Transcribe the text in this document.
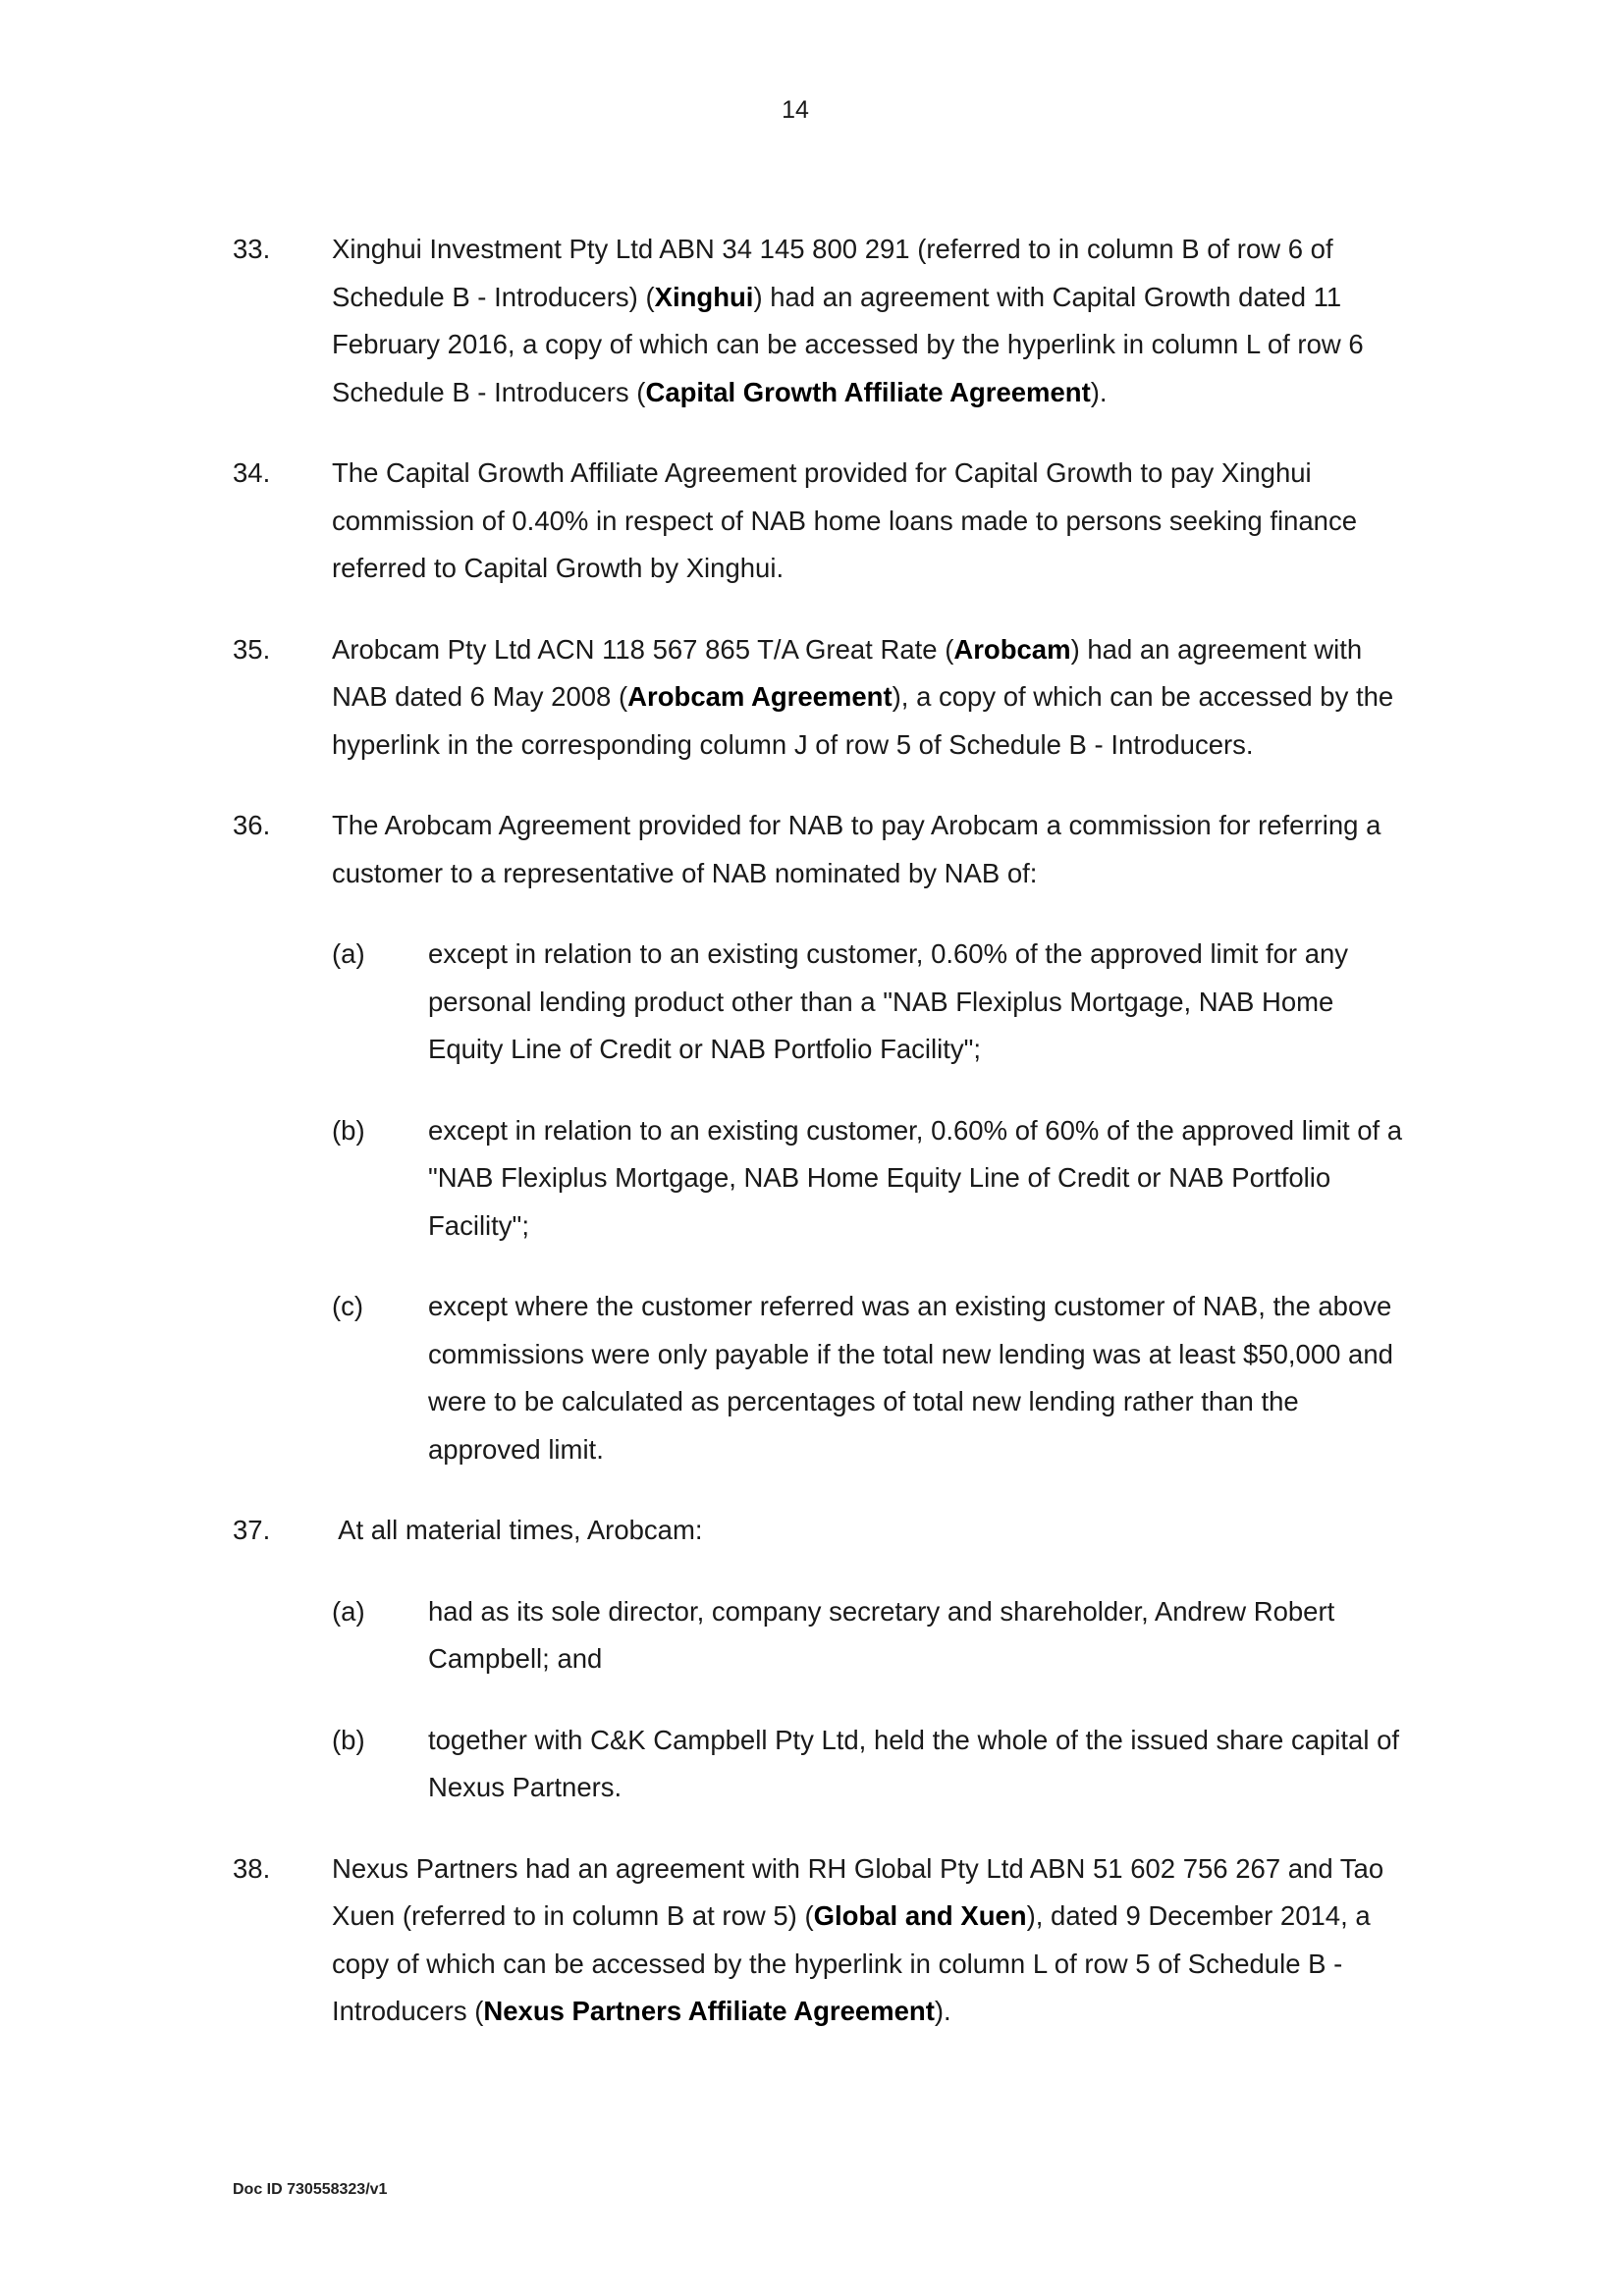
14
33. Xinghui Investment Pty Ltd ABN 34 145 800 291 (referred to in column B of row 6 of Schedule B - Introducers) (Xinghui) had an agreement with Capital Growth dated 11 February 2016, a copy of which can be accessed by the hyperlink in column L of row 6 Schedule B - Introducers (Capital Growth Affiliate Agreement).
34. The Capital Growth Affiliate Agreement provided for Capital Growth to pay Xinghui commission of 0.40% in respect of NAB home loans made to persons seeking finance referred to Capital Growth by Xinghui.
35. Arobcam Pty Ltd ACN 118 567 865 T/A Great Rate (Arobcam) had an agreement with NAB dated 6 May 2008 (Arobcam Agreement), a copy of which can be accessed by the hyperlink in the corresponding column J of row 5 of Schedule B - Introducers.
36. The Arobcam Agreement provided for NAB to pay Arobcam a commission for referring a customer to a representative of NAB nominated by NAB of:
(a) except in relation to an existing customer, 0.60% of the approved limit for any personal lending product other than a "NAB Flexiplus Mortgage, NAB Home Equity Line of Credit or NAB Portfolio Facility";
(b) except in relation to an existing customer, 0.60% of 60% of the approved limit of a "NAB Flexiplus Mortgage, NAB Home Equity Line of Credit or NAB Portfolio Facility";
(c) except where the customer referred was an existing customer of NAB, the above commissions were only payable if the total new lending was at least $50,000 and were to be calculated as percentages of total new lending rather than the approved limit.
37. At all material times, Arobcam:
(a) had as its sole director, company secretary and shareholder, Andrew Robert Campbell; and
(b) together with C&K Campbell Pty Ltd, held the whole of the issued share capital of Nexus Partners.
38. Nexus Partners had an agreement with RH Global Pty Ltd ABN 51 602 756 267 and Tao Xuen (referred to in column B at row 5) (Global and Xuen), dated 9 December 2014, a copy of which can be accessed by the hyperlink in column L of row 5 of Schedule B - Introducers (Nexus Partners Affiliate Agreement).
Doc ID 730558323/v1
